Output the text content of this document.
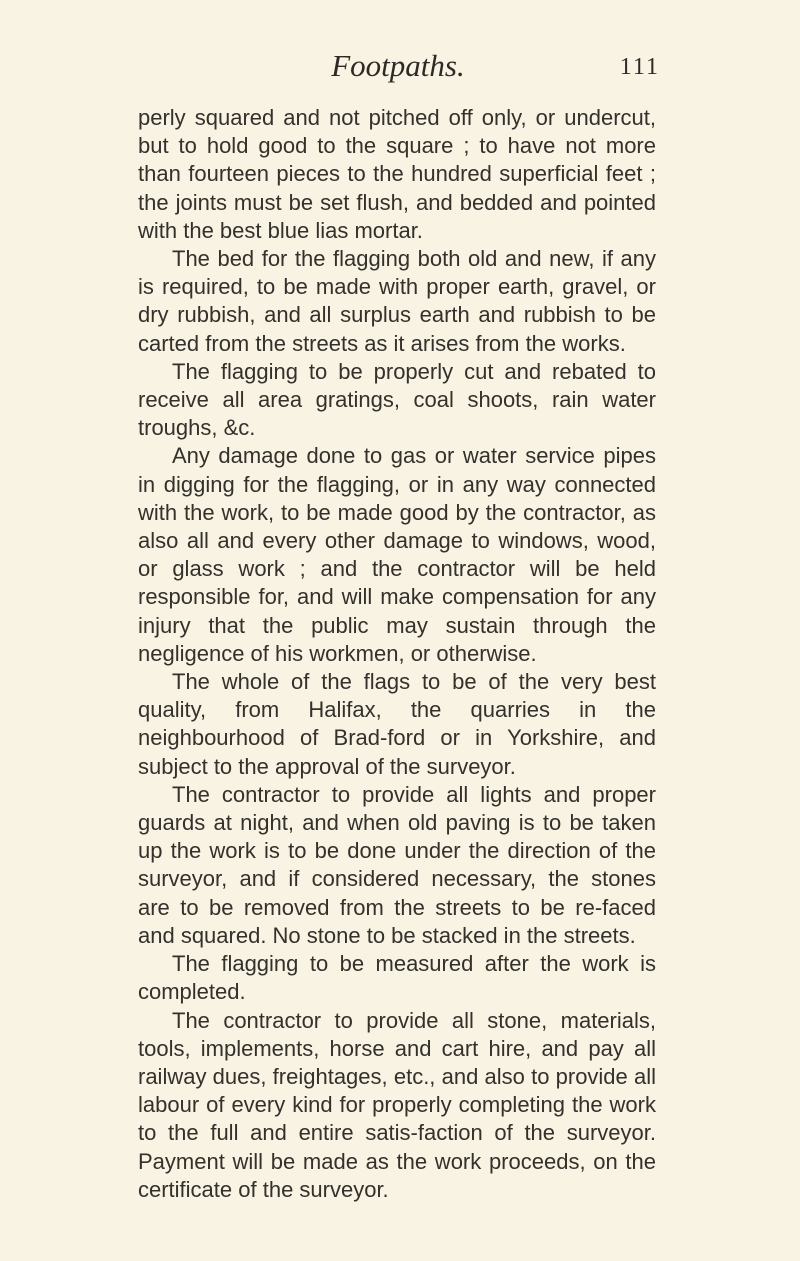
Footpaths.	111

perly squared and not pitched off only, or undercut, but to hold good to the square ; to have not more than fourteen pieces to the hundred superficial feet ; the joints must be set flush, and bedded and pointed with the best blue lias mortar.

The bed for the flagging both old and new, if any is required, to be made with proper earth, gravel, or dry rubbish, and all surplus earth and rubbish to be carted from the streets as it arises from the works.

The flagging to be properly cut and rebated to receive all area gratings, coal shoots, rain water troughs, &c.

Any damage done to gas or water service pipes in digging for the flagging, or in any way connected with the work, to be made good by the contractor, as also all and every other damage to windows, wood, or glass work ; and the contractor will be held responsible for, and will make compensation for any injury that the public may sustain through the negligence of his workmen, or otherwise.

The whole of the flags to be of the very best quality, from Halifax, the quarries in the neighbourhood of Brad-ford or in Yorkshire, and subject to the approval of the surveyor.

The contractor to provide all lights and proper guards at night, and when old paving is to be taken up the work is to be done under the direction of the surveyor, and if considered necessary, the stones are to be removed from the streets to be re-faced and squared. No stone to be stacked in the streets.

The flagging to be measured after the work is completed.

The contractor to provide all stone, materials, tools, implements, horse and cart hire, and pay all railway dues, freightages, etc., and also to provide all labour of every kind for properly completing the work to the full and entire satis-faction of the surveyor. Payment will be made as the work proceeds, on the certificate of the surveyor.
